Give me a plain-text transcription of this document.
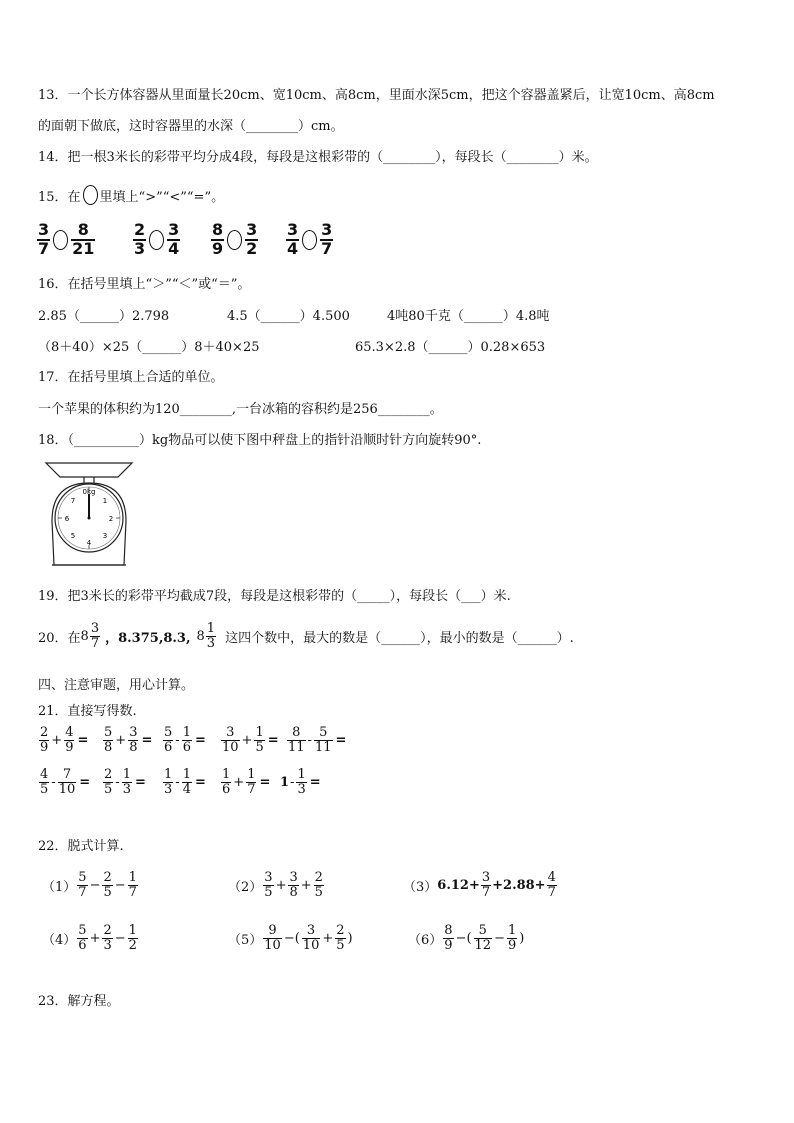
13．一个长方体容器从里面量长20cm、宽10cm、高8cm，里面水深5cm，把这个容器盖紧后，让宽10cm、高8cm
的面朝下做底，这时容器里的水深（________）cm。
14．把一根3米长的彩带平均分成4段，每段是这根彩带的（________），每段长（________）米。
15．在 里填上“>”“<”“=”。
$\frac{3}{7} \frac{8}{21} \frac{2}{3} \frac{3}{4} \frac{8}{9} \frac{3}{2} \frac{3}{4} \frac{3}{7}$
16．在括号里填上“＞”“＜”或“＝”。
2.85（______）2.798	4.5（______）4.500	4吨80千克（______）4.8吨
（8＋40）×25（______）8＋40×25	65.3×2.8（______）0.28×653
17．在括号里填上合适的单位。
一个苹果的体积约为120________,一台冰箱的容积约是256________。
18．（__________）kg物品可以使下图中秤盘上的指针沿顺时针方向旋转90°.
0kg
1
2
3
4
5
6
7
19．把3米长的彩带平均截成7段，每段是这根彩带的（_____），每段长（___）米.
20．在 $8 \frac{3}{7}$ ，8.375,8.3, $8 \frac{1}{3}$ 这四个数中，最大的数是（______），最小的数是（______）.
四、注意审题，用心计算。
21．直接写得数.
$\frac{2}{9} + \frac{4}{9} = \frac{5}{8} + \frac{3}{8} = \frac{5}{6} - \frac{1}{6} = \frac{3}{10} + \frac{1}{5} = \frac{8}{11} - \frac{5}{11}$ =
$\frac{4}{5} - \frac{7}{10} = \frac{2}{5} - \frac{1}{3} = \frac{1}{3} - \frac{1}{4} = \frac{1}{6} + \frac{1}{7} = 1 - \frac{1}{3}$ =
22．脱式计算.
$(1) \frac{5}{7} - \frac{2}{5} - \frac{1}{7}$	$(2) \frac{3}{5} + \frac{3}{8} + \frac{2}{5}$	（3） $6.12+ \frac{3}{7} +2.88+ \frac{4}{7}$
$(4) \frac{5}{6} + \frac{2}{3} - \frac{1}{2}$	$(5) \frac{9}{10}$ −( $\frac{3}{10} + \frac{2}{5}$ )	$(6) \frac{8}{9}$ −( $\frac{5}{12} - \frac{1}{9}$ )
23．解方程。
